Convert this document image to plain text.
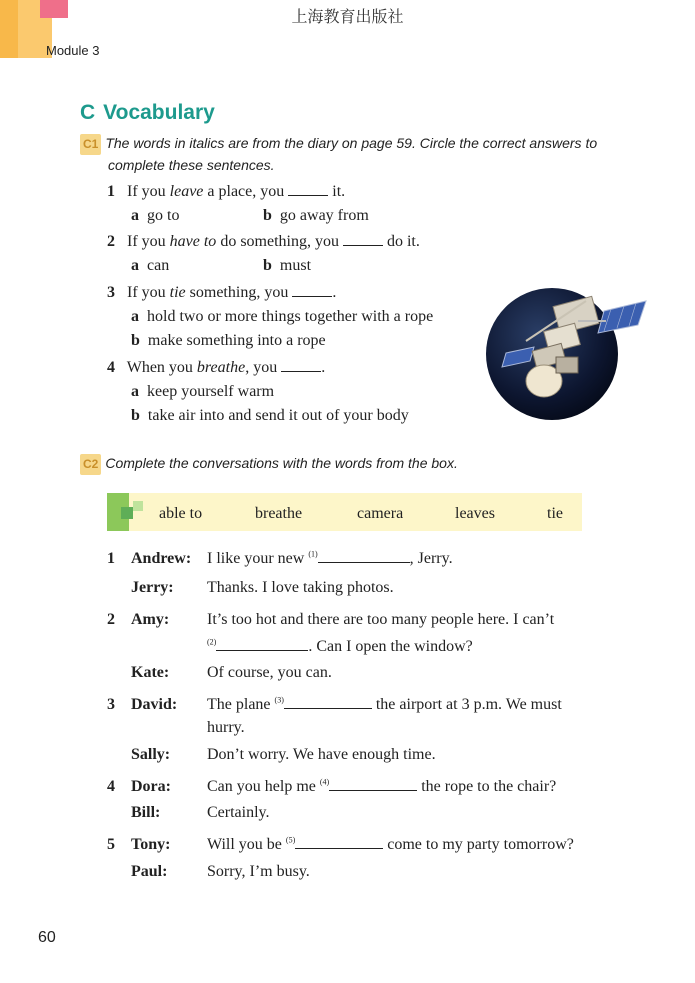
上海教育出版社
Module 3
C Vocabulary
C1 The words in italics are from the diary on page 59. Circle the correct answers to
complete these sentences.
1 If you leave a place, you	it.
a go to	b go away from
2 If you have to do something, you	do it.
a can	b must
3 If you tie something, you	.
a hold two or more things together with a rope
b make something into a rope
4 When you breathe, you	.
a keep yourself warm
b take air into and send it out of your body
C2 Complete the conversations with the words from the box.
able to	breathe	camera	leaves	tie
1 Andrew: I like your new $^{(1)}$	, Jerry.
Jerry: Thanks. I love taking photos.
2 Amy: It’s too hot and there are too many people here. I can’t
$^{(2)}$	. Can I open the window?
Kate: Of course, you can.
3 David: The plane $^{(3)}$	the airport at 3 p.m. We must
hurry.
Sally: Don’t worry. We have enough time.
4 Dora: Can you help me $^{(4)}$	the rope to the chair?
Bill:	Certainly.
5 Tony: Will you be $^{(5)}$	come to my party tomorrow?
Paul: Sorry, I’m busy.
60
